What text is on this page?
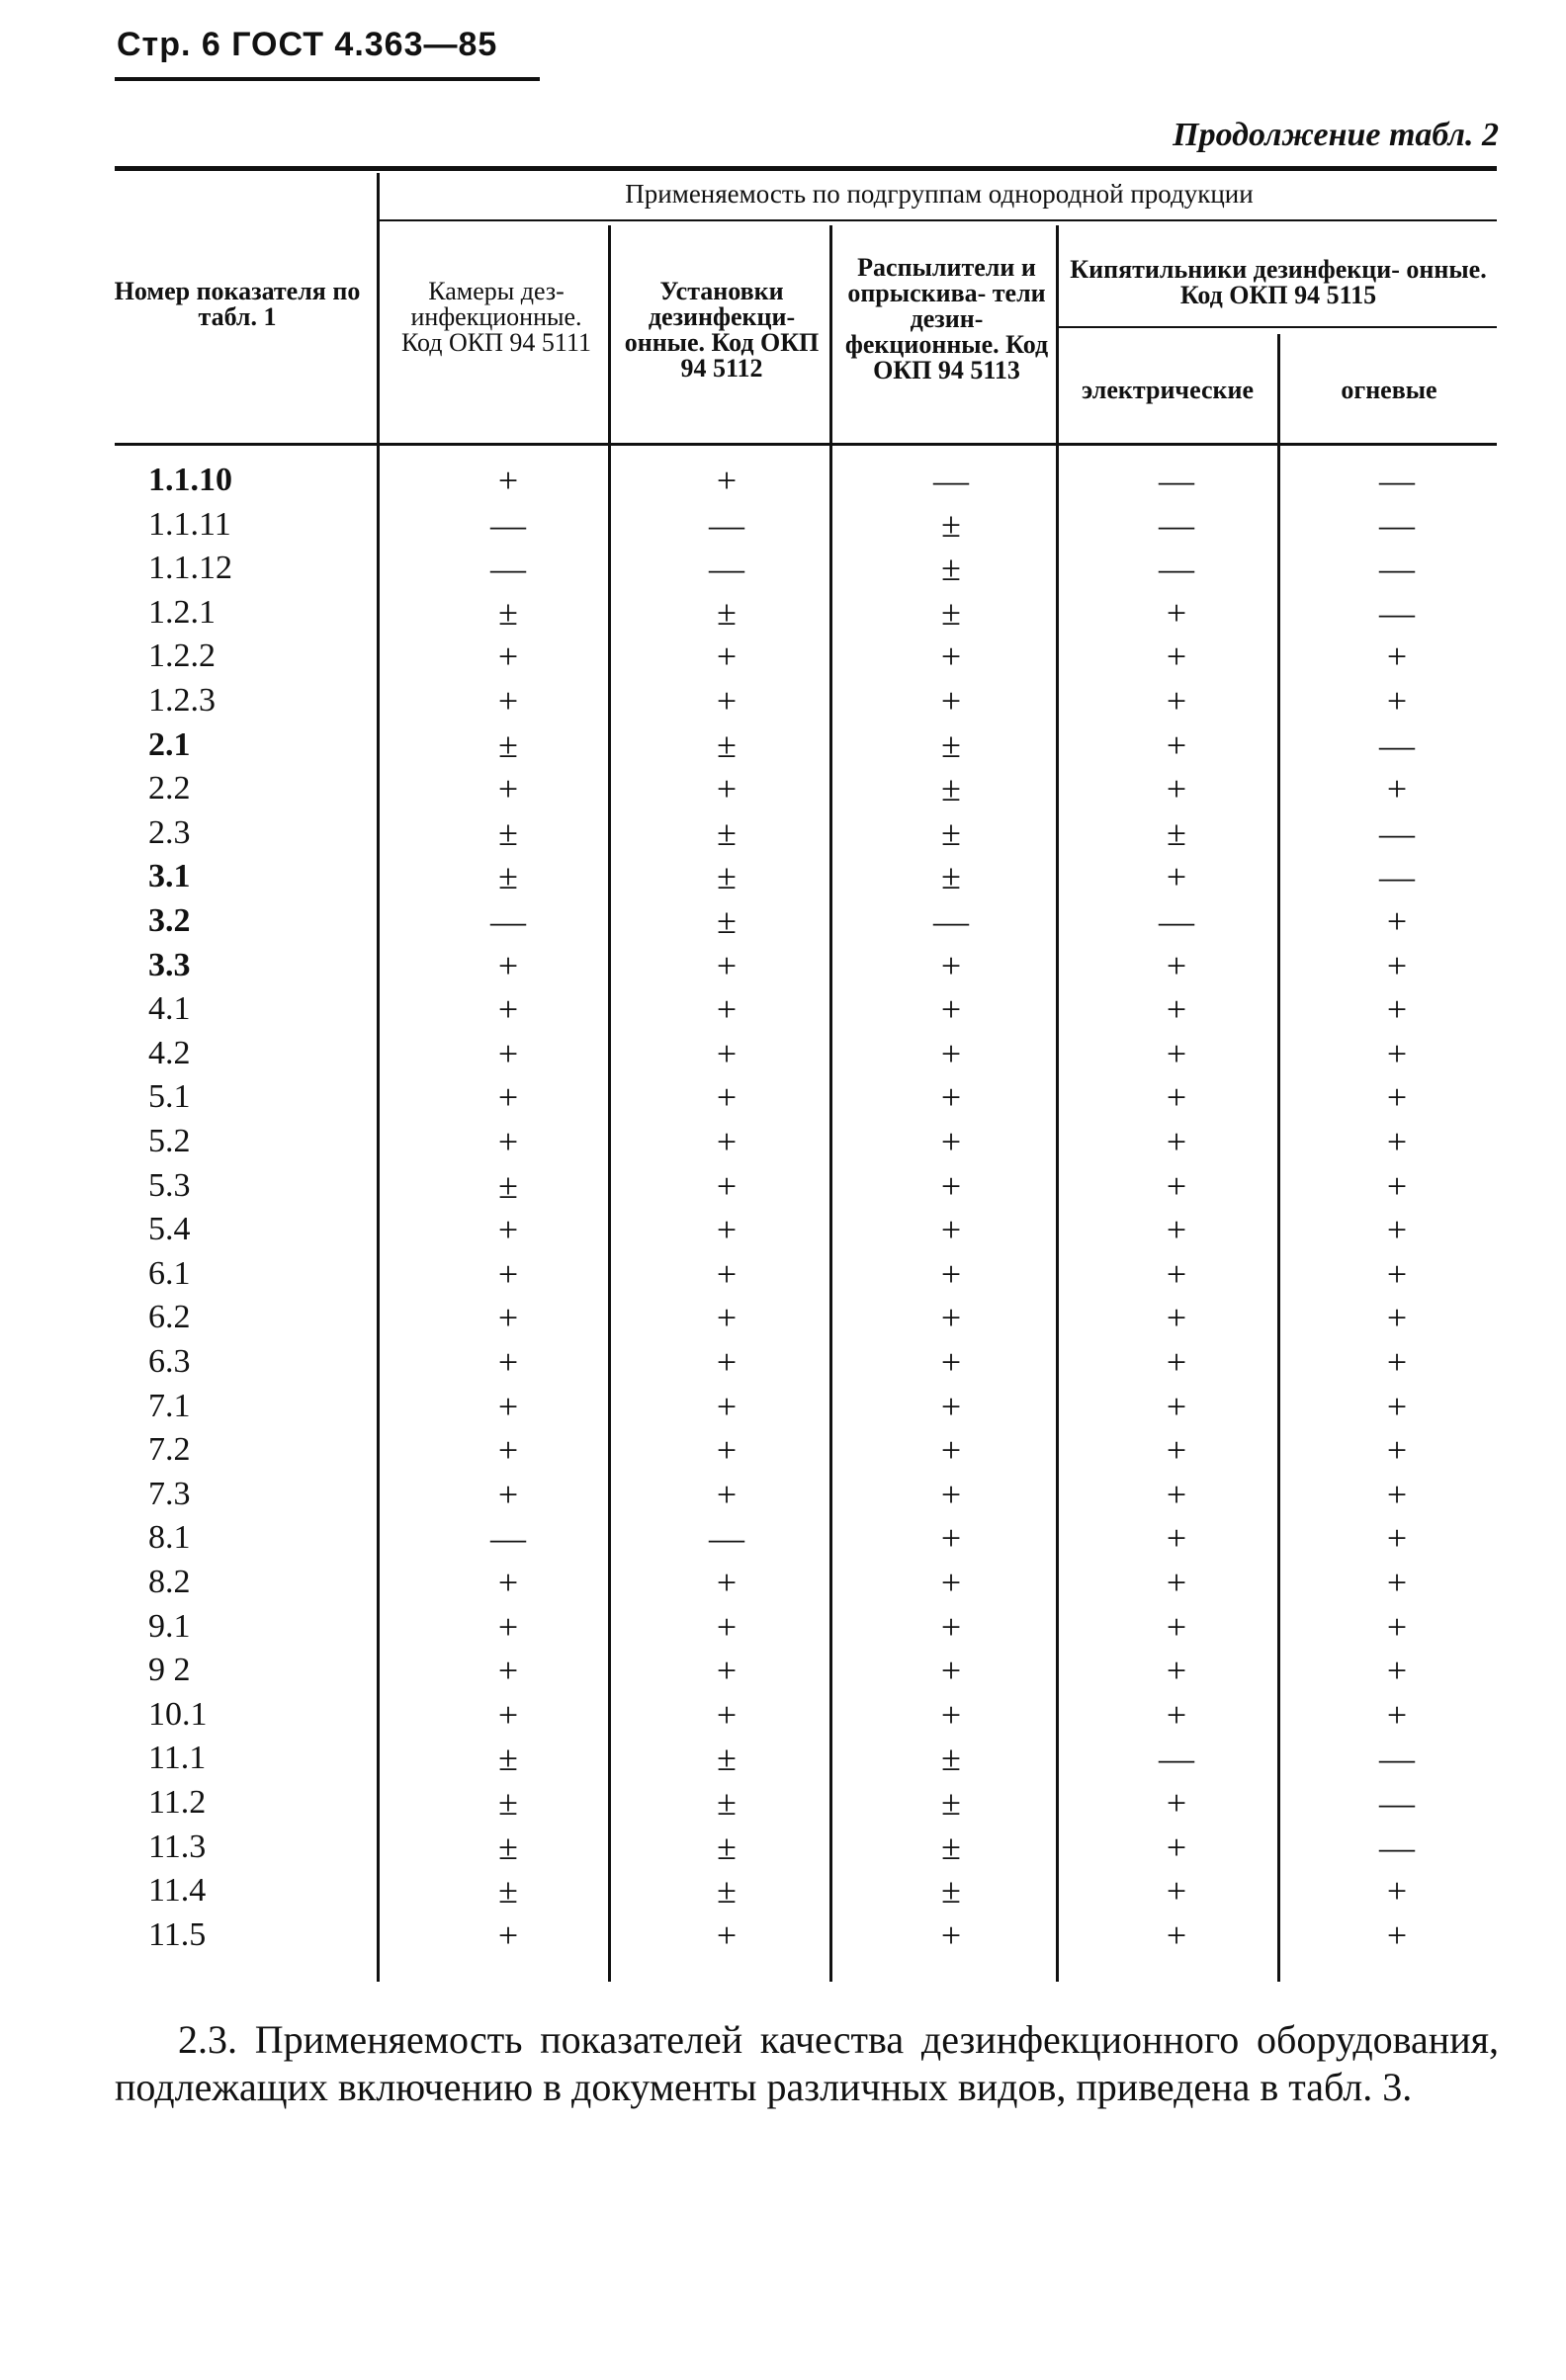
Стр. 6 ГОСТ 4.363—85
Продолжение табл. 2
Применяемость по подгруппам однородной продукции
Номер показателя по табл. 1
Камеры дез- инфекционные. Код ОКП 94 5111
Установки дезинфекци- онные. Код ОКП 94 5112
Распылители и опрыскива- тели дезин- фекционные. Код ОКП 94 5113
Кипятильники дезинфекци- онные. Код ОКП 94 5115
электрические	огневые
1.1.10	+	+	—	—	—
1.1.11	—	—	±	—	—
1.1.12	—	—	±	—	—
1.2.1	±	±	±	+	—
1.2.2	+	+	+	+	+
1.2.3	+	+	+	+	+
2.1	±	±	±	+	—
2.2	+	+	±	+	+
2.3	±	±	±	±	—
3.1	±	±	±	+	—
3.2	—	±	—	—	+
3.3	+	+	+	+	+
4.1	+	+	+	+	+
4.2	+	+	+	+	+
5.1	+	+	+	+	+
5.2	+	+	+	+	+
5.3	±	+	+	+	+
5.4	+	+	+	+	+
6.1	+	+	+	+	+
6.2	+	+	+	+	+
6.3	+	+	+	+	+
7.1	+	+	+	+	+
7.2	+	+	+	+	+
7.3	+	+	+	+	+
8.1	—	—	+	+	+
8.2	+	+	+	+	+
9.1	+	+	+	+	+
9 2	+	+	+	+	+
10.1	+	+	+	+	+
11.1	±	±	±	—	—
11.2	±	±	±	+	—
11.3	±	±	±	+	—
11.4	±	±	±	+	+
11.5	+	+	+	+	+
2.3. Применяемость показателей качества дезинфекционного оборудования, подлежащих включению в документы различных видов, приведена в табл. 3.
